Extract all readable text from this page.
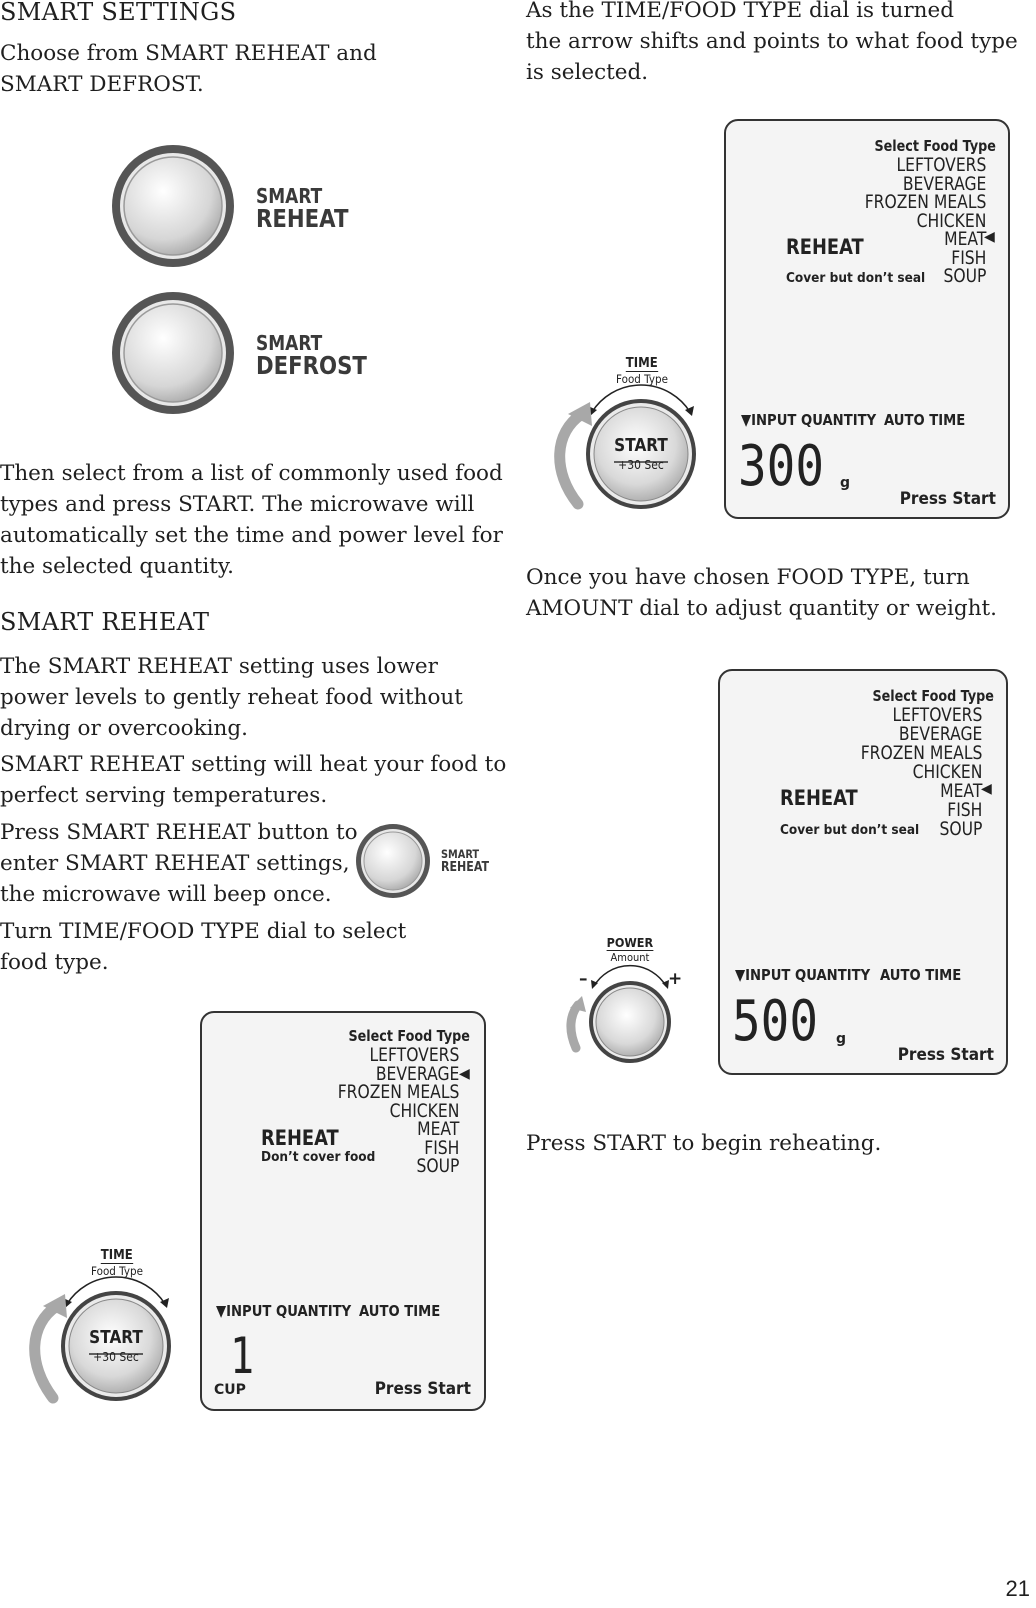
SMART SETTINGS
Choose from SMART REHEAT and
SMART DEFROST.
SMART
REHEAT
SMART
DEFROST
Then select from a list of commonly used food
types and press START. The microwave will
automatically set the time and power level for
the selected quantity.
SMART REHEAT
The SMART REHEAT setting uses lower
power levels to gently reheat food without
drying or overcooking.
SMART REHEAT setting will heat your food to
perfect serving temperatures.
Press SMART REHEAT button to
enter SMART REHEAT settings,
the microwave will beep once.
SMART
REHEAT
Turn TIME/FOOD TYPE dial to select
food type.
Select Food Type
LEFTOVERS
BEVERAGE
FROZEN MEALS
CHICKEN
MEAT
FISH
SOUP
◀
REHEAT
Don’t cover food
▼INPUT QUANTITY AUTO TIME
1
CUP	Press Start
TIME
Food Type
START
+30 Sec
As the TIME/FOOD TYPE dial is turned
the arrow shifts and points to what food type
is selected.
Select Food Type
LEFTOVERS
BEVERAGE
FROZEN MEALS
CHICKEN
MEAT
FISH
SOUP
◀
REHEAT
Cover but don’t seal
▼INPUT QUANTITY AUTO TIME
300 g
Press Start
TIME
Food Type
START
+30 Sec
Once you have chosen FOOD TYPE, turn
AMOUNT dial to adjust quantity or weight.
Select Food Type
LEFTOVERS
BEVERAGE
FROZEN MEALS
CHICKEN
MEAT
FISH
SOUP
◀
REHEAT
Cover but don’t seal
▼INPUT QUANTITY AUTO TIME
500 g
Press Start
POWER
Amount
–	+
Press START to begin reheating.
21
